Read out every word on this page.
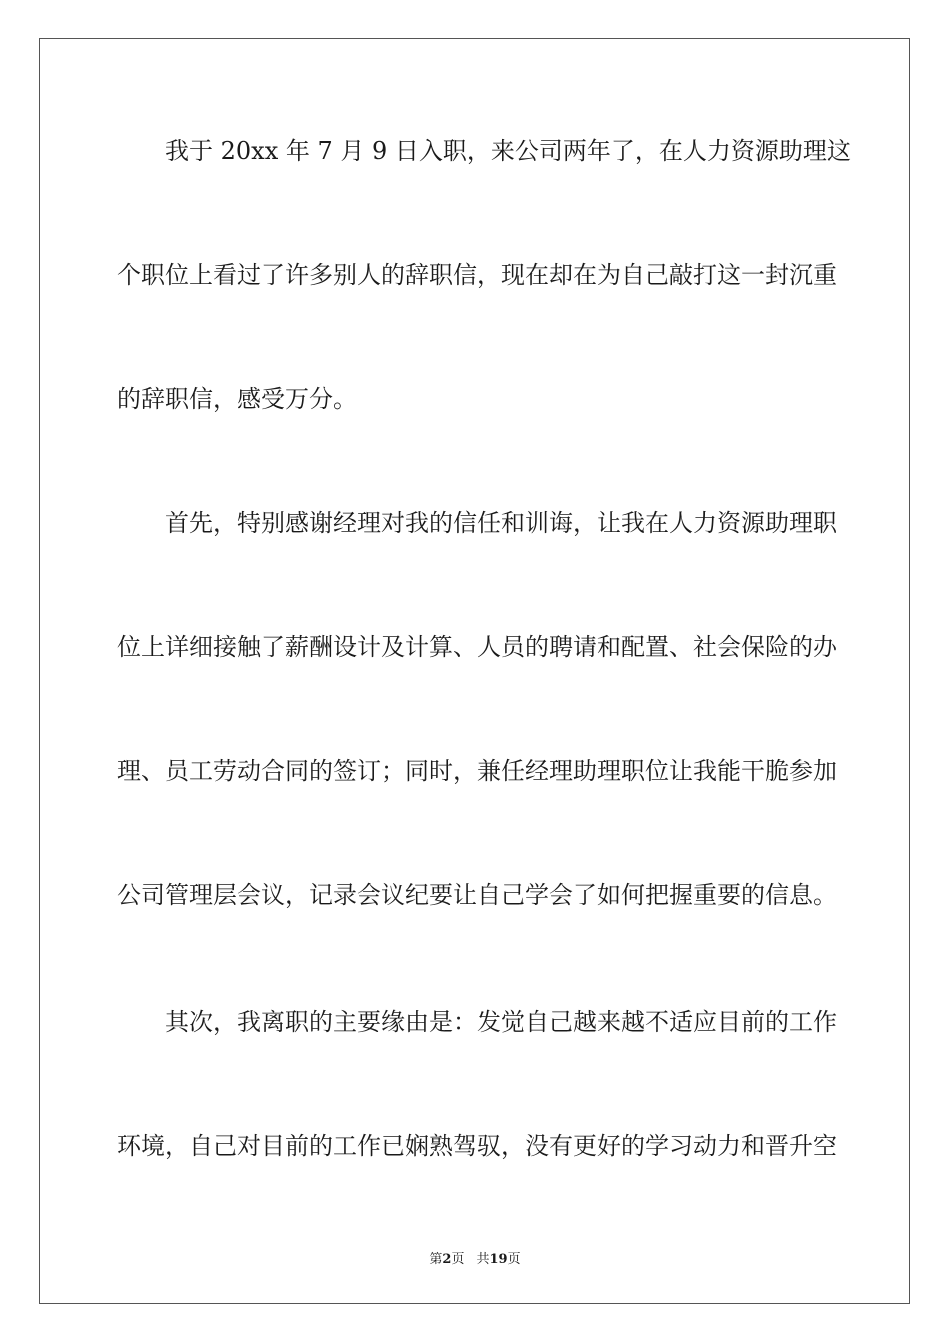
我于 20xx 年 7 月 9 日入职，来公司两年了，在人力资源助理这
个职位上看过了许多别人的辞职信，现在却在为自己敲打这一封沉重
的辞职信，感受万分。
首先，特别感谢经理对我的信任和训诲，让我在人力资源助理职
位上详细接触了薪酬设计及计算、人员的聘请和配置、社会保险的办
理、员工劳动合同的签订；同时，兼任经理助理职位让我能干脆参加
公司管理层会议，记录会议纪要让自己学会了如何把握重要的信息。
其次，我离职的主要缘由是：发觉自己越来越不适应目前的工作
环境，自己对目前的工作已娴熟驾驭，没有更好的学习动力和晋升空
第2页 共19页
